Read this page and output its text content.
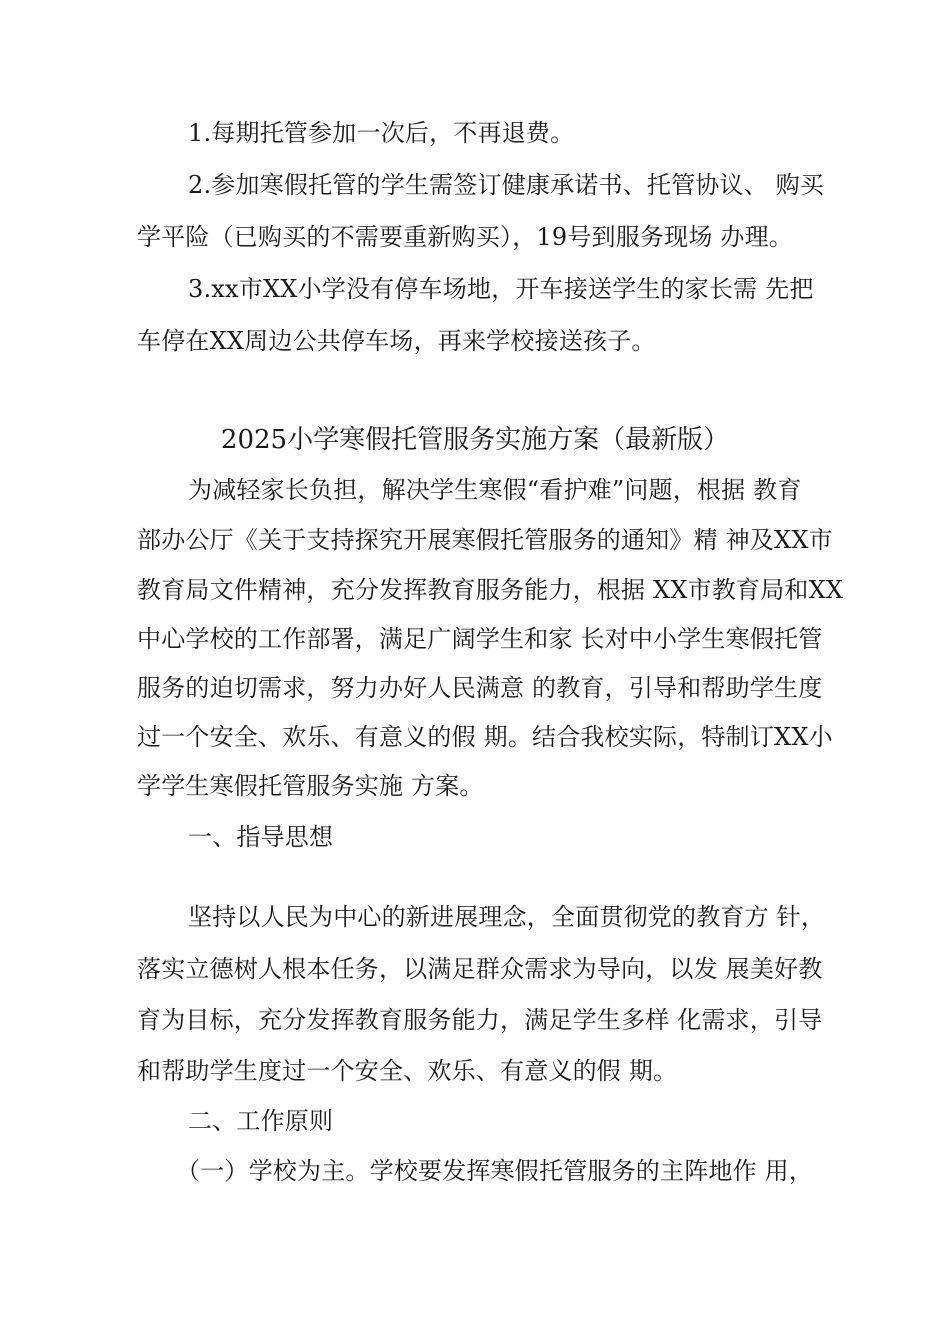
1.每期托管参加一次后，不再退费。
2.参加寒假托管的学生需签订健康承诺书、托管协议、 购买
学平险（已购买的不需要重新购买），19号到服务现场 办理。
3.xx市XX小学没有停车场地，开车接送学生的家长需 先把
车停在XX周边公共停车场，再来学校接送孩子。
2025小学寒假托管服务实施方案（最新版）
为减轻家长负担，解决学生寒假“看护难”问题，根据 教育
部办公厅《关于支持探究开展寒假托管服务的通知》精 神及XX市
教育局文件精神，充分发挥教育服务能力，根据 XX市教育局和XX
中心学校的工作部署，满足广阔学生和家 长对中小学生寒假托管
服务的迫切需求，努力办好人民满意 的教育，引导和帮助学生度
过一个安全、欢乐、有意义的假 期。结合我校实际，特制订XX小
学学生寒假托管服务实施 方案。
一、指导思想
坚持以人民为中心的新进展理念，全面贯彻党的教育方 针，
落实立德树人根本任务，以满足群众需求为导向，以发 展美好教
育为目标，充分发挥教育服务能力，满足学生多样 化需求，引导
和帮助学生度过一个安全、欢乐、有意义的假 期。
二、工作原则
（一）学校为主。学校要发挥寒假托管服务的主阵地作 用，
